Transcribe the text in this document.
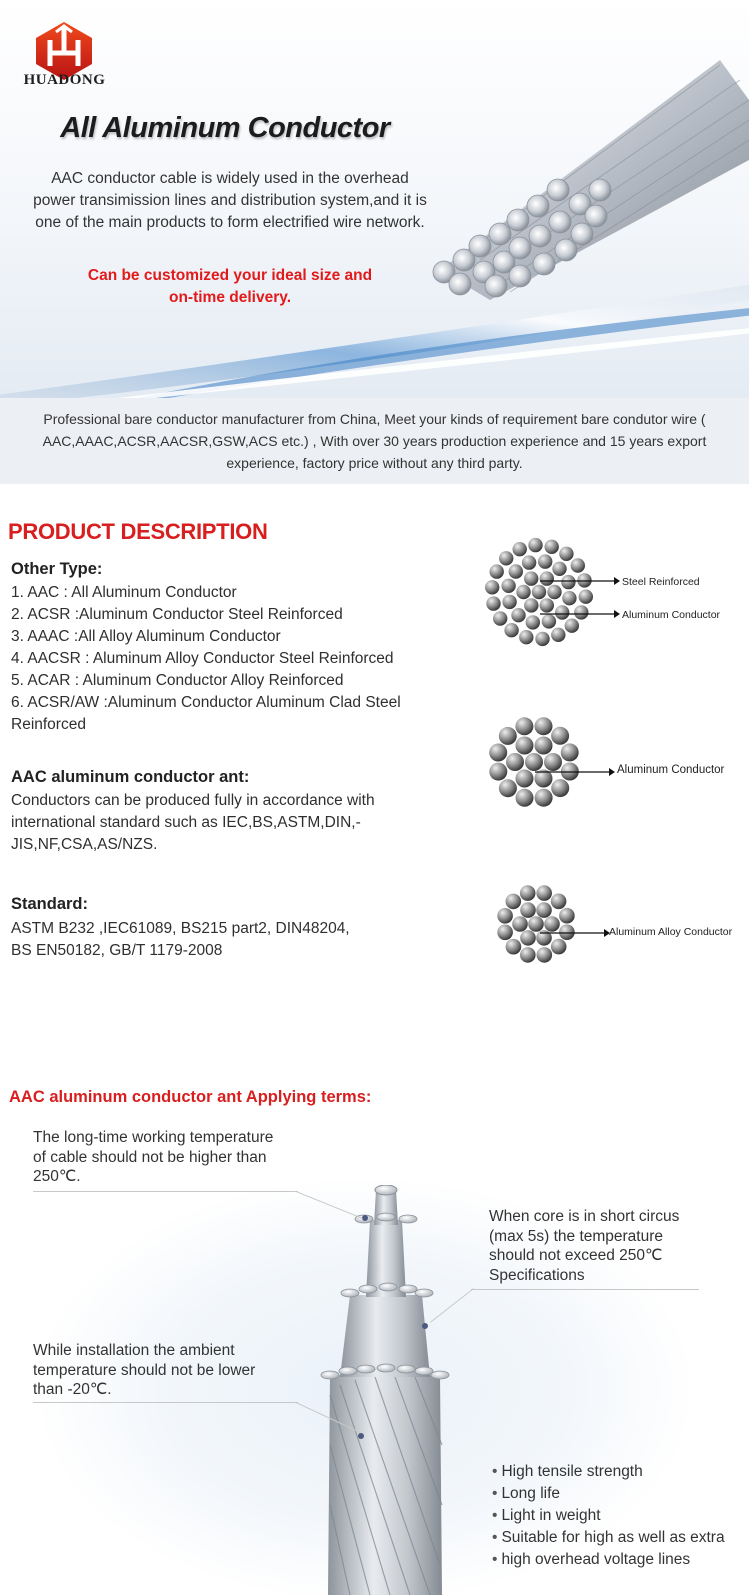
HUADONG
All Aluminum Conductor
AAC conductor cable is widely used in the overhead power transimission lines and distribution system,and it is one of the main products to form electrified wire network.
Can be customized your ideal size and
on-time delivery.
Professional bare conductor manufacturer from China, Meet your kinds of requirement bare condutor wire ( AAC,AAAC,ACSR,AACSR,GSW,ACS etc.) , With over 30 years production experience and 15 years export experience, factory price without any third party.
PRODUCT DESCRIPTION
Other Type:
1. AAC : All Aluminum Conductor
2. ACSR :Aluminum Conductor Steel Reinforced
3. AAAC :All Alloy Aluminum Conductor
4. AACSR : Aluminum Alloy Conductor Steel Reinforced
5. ACAR : Aluminum Conductor Alloy Reinforced
6. ACSR/AW :Aluminum Conductor Aluminum Clad Steel Reinforced
AAC aluminum conductor ant:
Conductors can be produced fully in accordance with international standard such as IEC,BS,ASTM,DIN,-JIS,NF,CSA,AS/NZS.
Standard:
ASTM B232 ,IEC61089, BS215 part2, DIN48204,
BS EN50182, GB/T 1179-2008
Steel Reinforced
Aluminum Conductor
Aluminum Conductor
Aluminum Alloy Conductor
AAC aluminum conductor ant Applying terms:
The long-time working temperature of cable should not be higher than 250℃.
When core is in short circus (max 5s) the temperature should not exceed 250℃ Specifications
While installation the ambient temperature should not be lower than -20℃.
• High tensile strength
• Long life
• Light in weight
• Suitable for high as well as extra
• high overhead voltage lines
